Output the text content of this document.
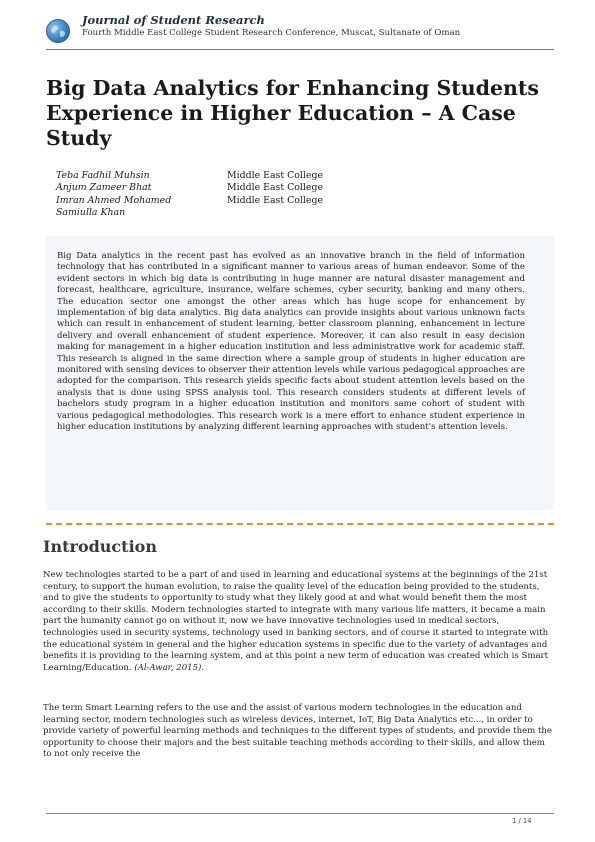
Journal of Student Research
Fourth Middle East College Student Research Conference, Muscat, Sultanate of Oman
Big Data Analytics for Enhancing Students Experience in Higher Education – A Case Study
Teba Fadhil Muhsin	Middle East College
Anjum Zameer Bhat	Middle East College
Imran Ahmed Mohamed	Middle East College
Samiulla Khan

Big Data analytics in the recent past has evolved as an innovative branch in the field of information technology that has contributed in a significant manner to various areas of human endeavor. Some of the evident sectors in which big data is contributing in huge manner are natural disaster management and forecast, healthcare, agriculture, insurance, welfare schemes, cyber security, banking and many others. The education sector one amongst the other areas which has huge scope for enhancement by implementation of big data analytics. Big data analytics can provide insights about various unknown facts which can result in enhancement of student learning, better classroom planning, enhancement in lecture delivery and overall enhancement of student experience. Moreover, it can also result in easy decision making for management in a higher education institution and less administrative work for academic staff. This research is aligned in the same direction where a sample group of students in higher education are monitored with sensing devices to observer their attention levels while various pedagogical approaches are adopted for the comparison. This research yields specific facts about student attention levels based on the analysis that is done using SPSS analysis tool. This research considers students at different levels of bachelors study program in a higher education institution and monitors same cohort of student with various pedagogical methodologies. This research work is a mere effort to enhance student experience in higher education institutions by analyzing different learning approaches with student's attention levels.

Introduction

New technologies started to be a part of and used in learning and educational systems at the beginnings of the 21st century, to support the human evolution, to raise the quality level of the education being provided to the students, and to give the students to opportunity to study what they likely good at and what would benefit them the most according to their skills. Modern technologies started to integrate with many various life matters, it became a main part the humanity cannot go on without it, now we have innovative technologies used in medical sectors, technologies used in security systems, technology used in banking sectors, and of course it started to integrate with the educational system in general and the higher education systems in specific due to the variety of advantages and benefits it is providing to the learning system, and at this point a new term of education was created which is Smart Learning/Education. (Al-Awar, 2015).

The term Smart Learning refers to the use and the assist of various modern technologies in the education and learning sector, modern technologies such as wireless devices, internet, IoT, Big Data Analytics etc..., in order to provide variety of powerful learning methods and techniques to the different types of students, and provide them the opportunity to choose their majors and the best suitable teaching methods according to their skills, and allow them to not only receive the

1 / 14
